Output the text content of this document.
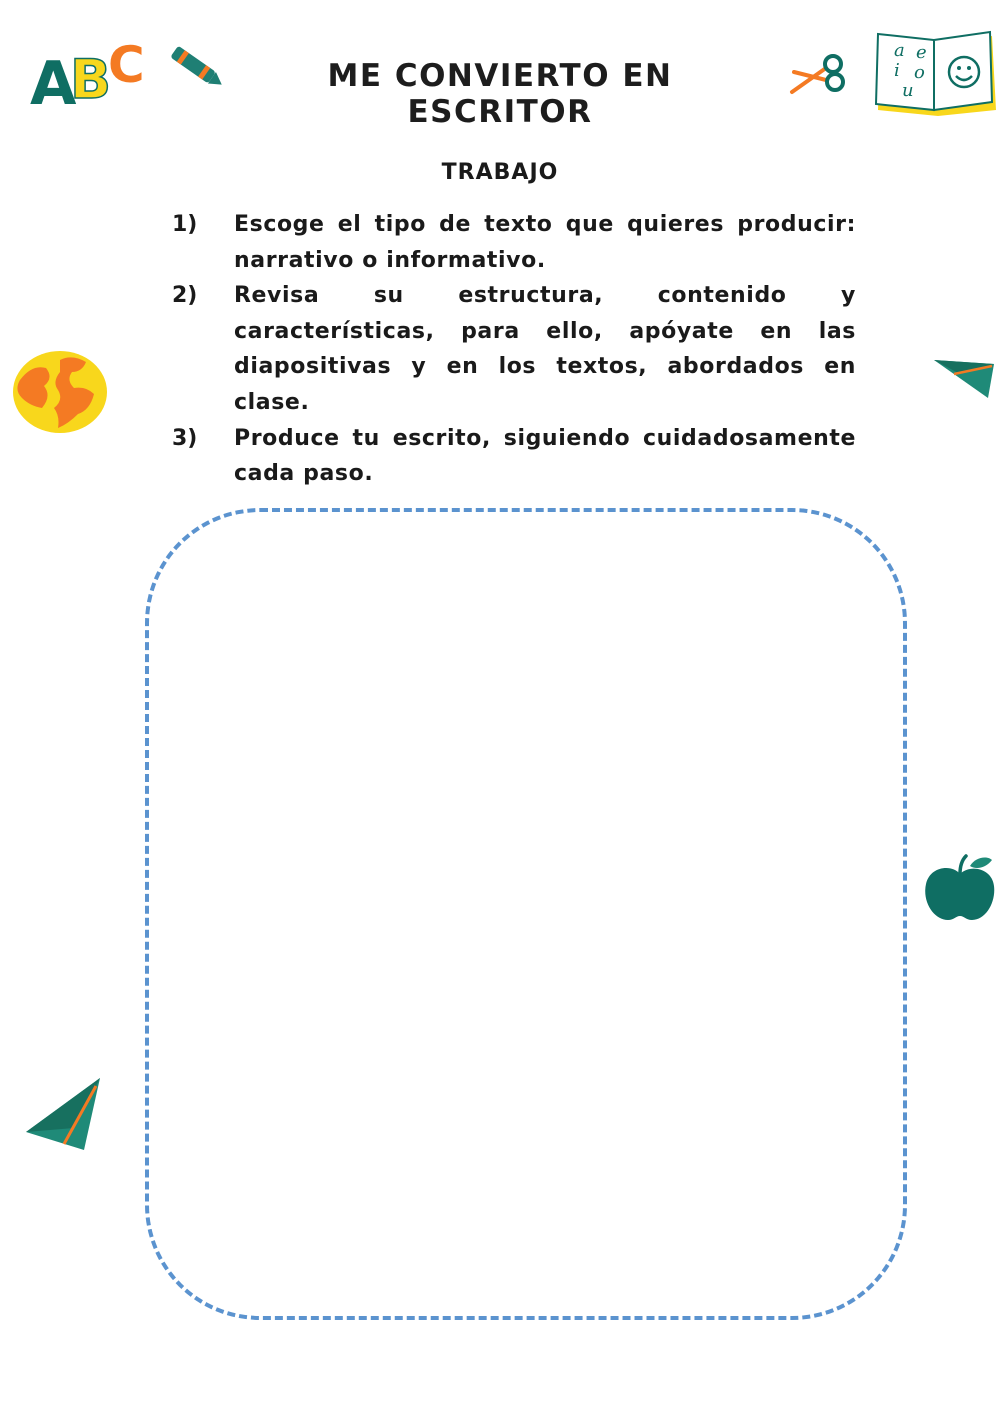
A
B
C	ME CONVIERTO EN ESCRITOR
a e
i o
u
TRABAJO
1)	Escoge el tipo de texto que quieres producir: narrativo o informativo.
2)	Revisa su estructura, contenido y características, para ello, apóyate en las diapositivas y en los textos, abordados en clase.
3)	Produce tu escrito, siguiendo cuidadosamente cada paso.
